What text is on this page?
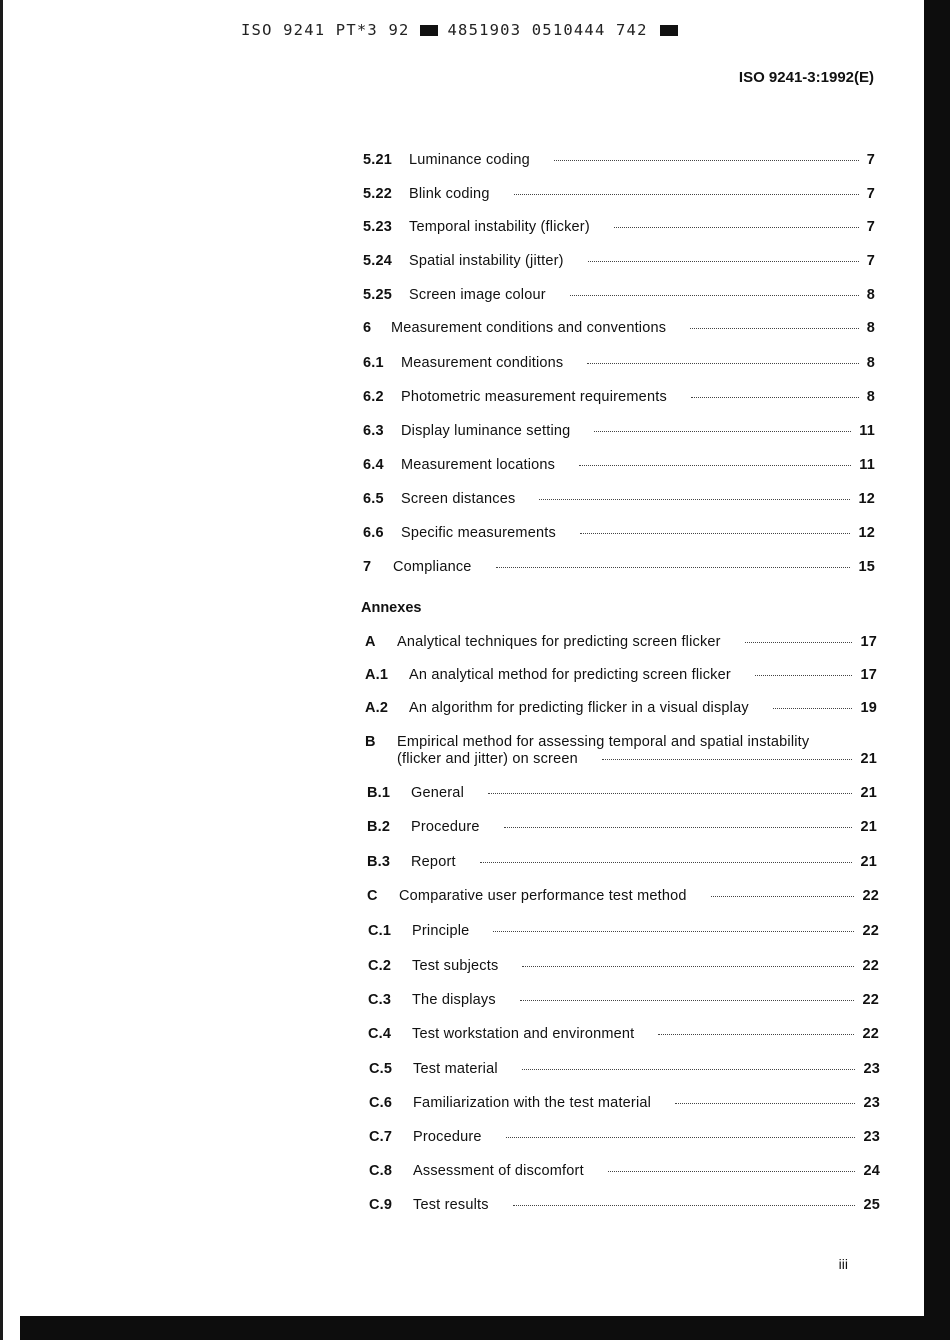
ISO 9241 PT*3 92 4851903 0510444 742
ISO 9241-3:1992(E)
5.21	Luminance coding	7
5.22	Blink coding	7
5.23	Temporal instability (flicker)	7
5.24	Spatial instability (jitter)	7
5.25	Screen image colour	8
6	Measurement conditions and conventions	8
6.1	Measurement conditions	8
6.2	Photometric measurement requirements	8
6.3	Display luminance setting	11
6.4	Measurement locations	11
6.5	Screen distances	12
6.6	Specific measurements	12
7	Compliance	15
Annexes
A	Analytical techniques for predicting screen flicker	17
A.1	An analytical method for predicting screen flicker	17
A.2	An algorithm for predicting flicker in a visual display	19
B	Empirical method for assessing temporal and spatial instability
(flicker and jitter) on screen	21
B.1	General	21
B.2	Procedure	21
B.3	Report	21
C	Comparative user performance test method	22
C.1	Principle	22
C.2	Test subjects	22
C.3	The displays	22
C.4	Test workstation and environment	22
C.5	Test material	23
C.6	Familiarization with the test material	23
C.7	Procedure	23
C.8	Assessment of discomfort	24
C.9	Test results	25
iii
